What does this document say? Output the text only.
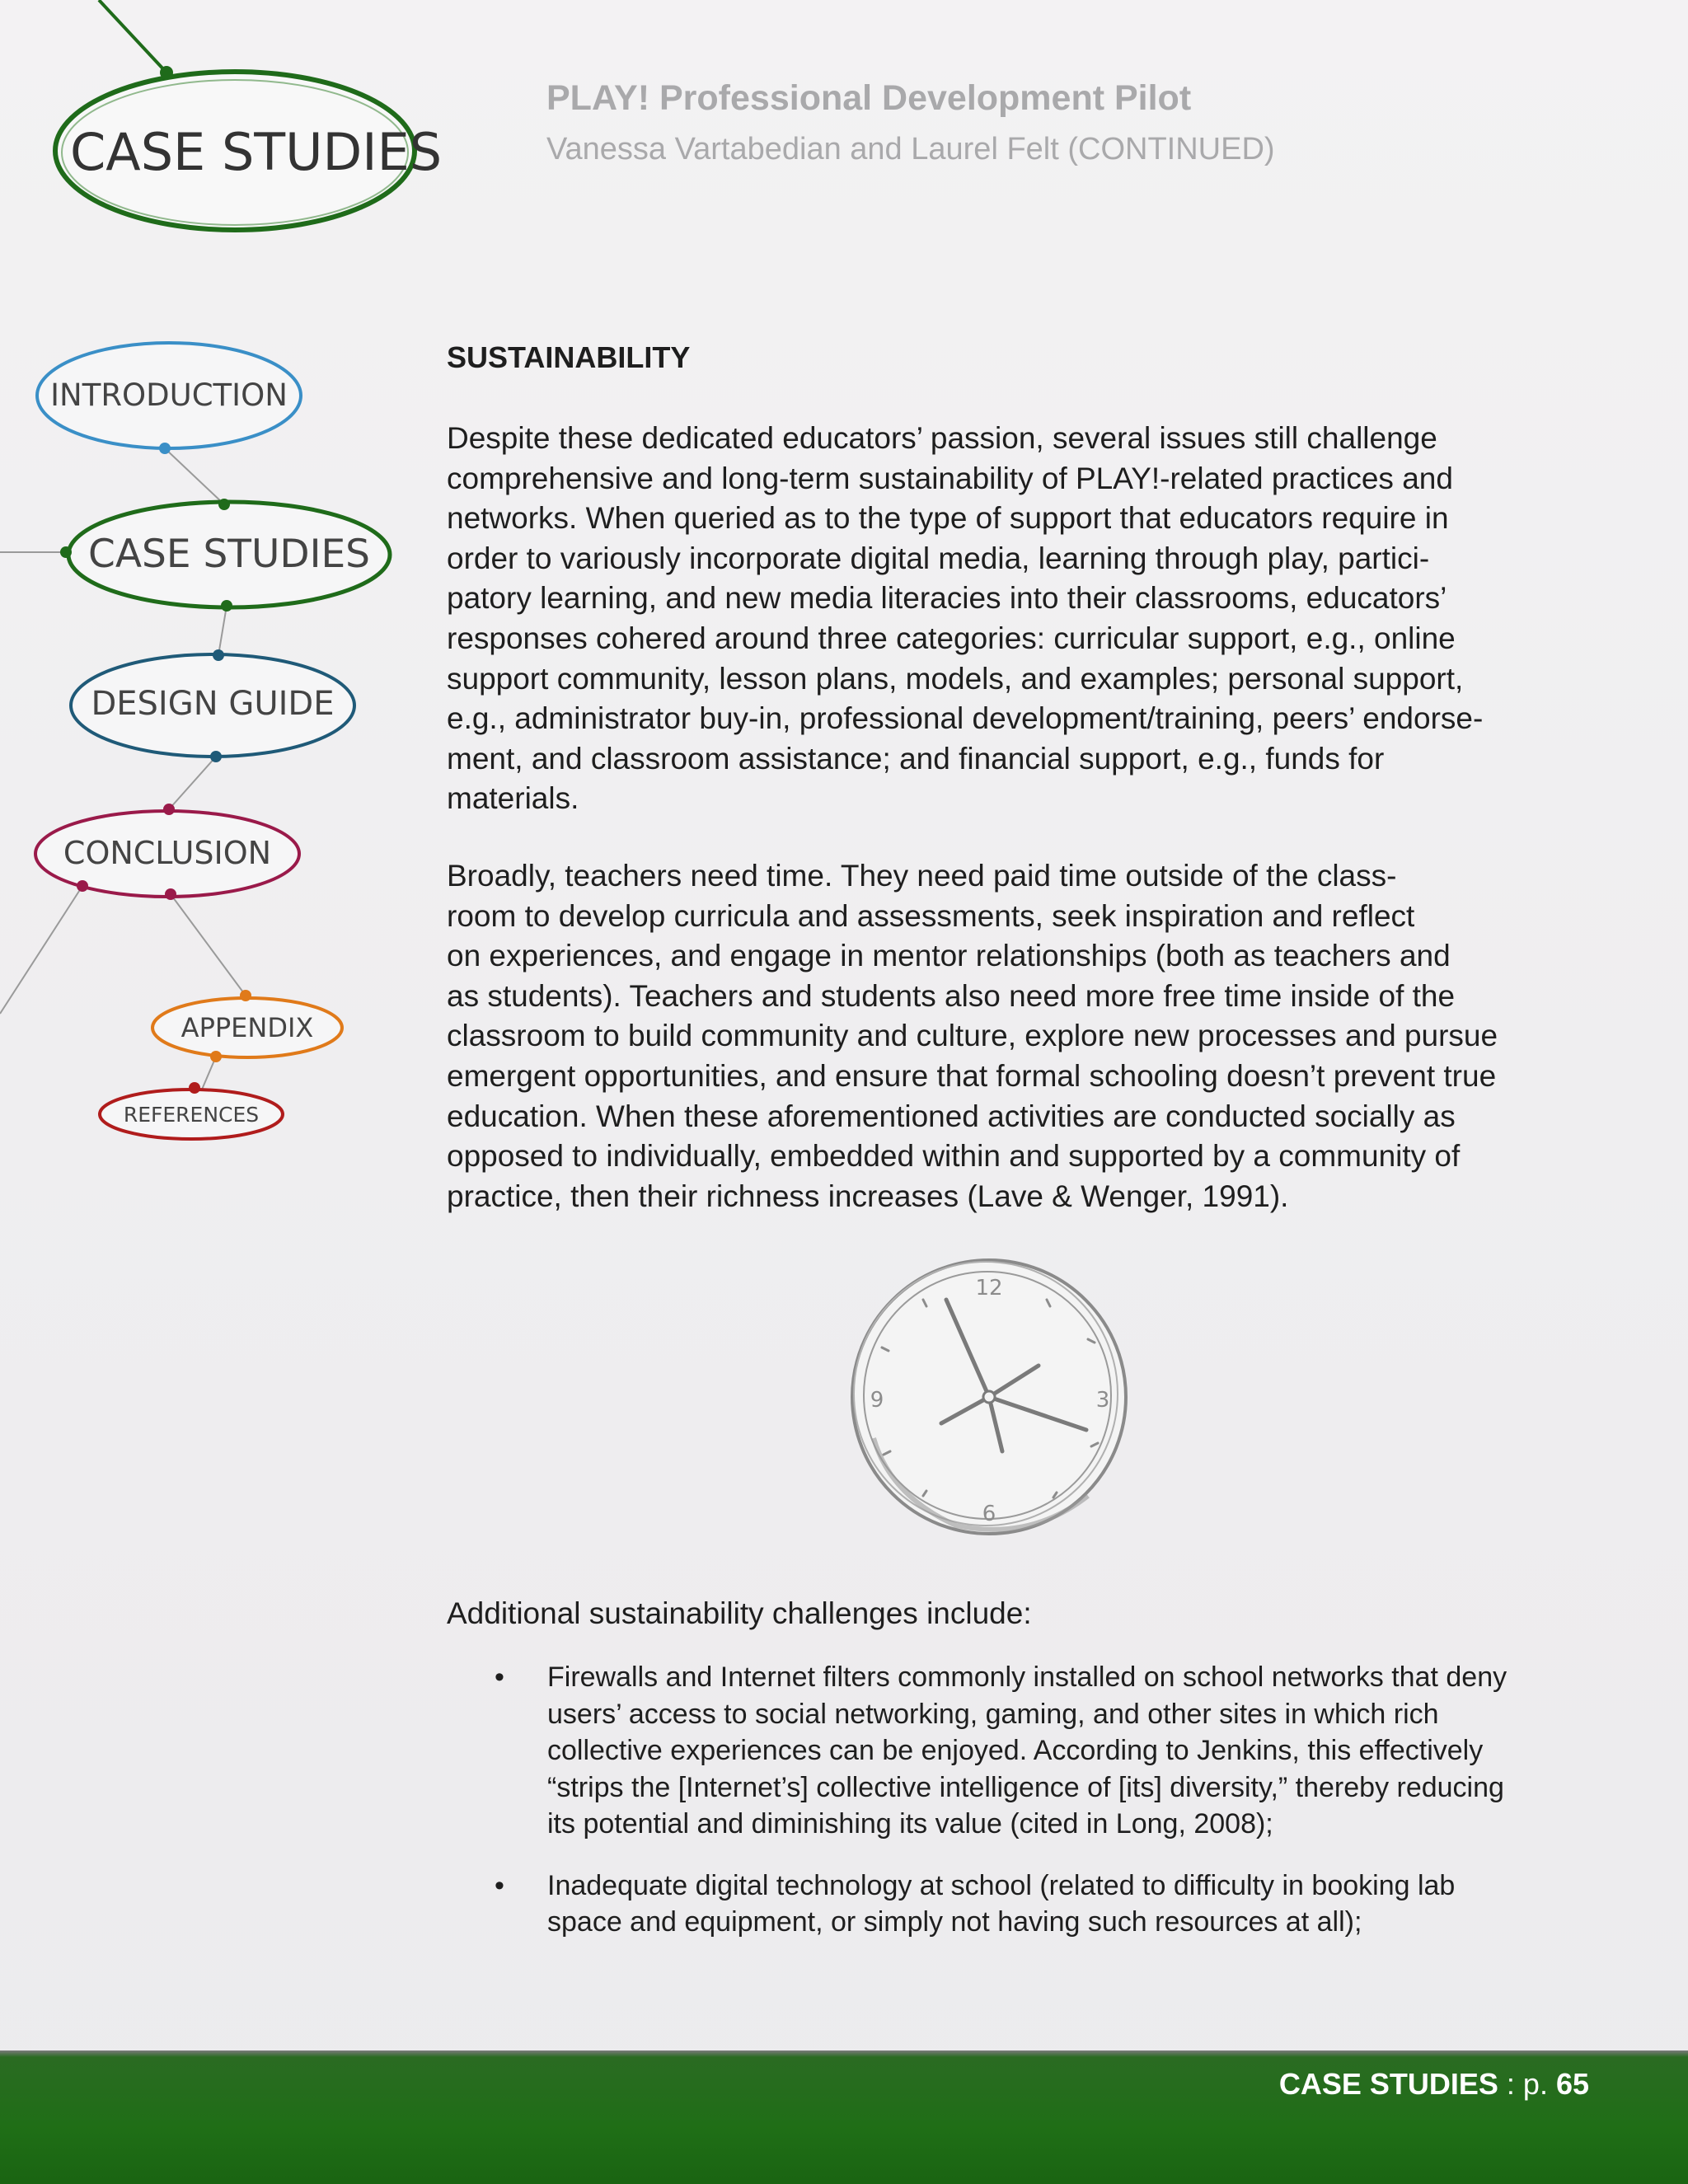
CASE STUDIES
INTRODUCTION
CASE STUDIES
DESIGN GUIDE
CONCLUSION
APPENDIX
REFERENCES
PLAY! Professional Development Pilot
Vanessa Vartabedian and Laurel Felt (CONTINUED)
SUSTAINABILITY
Despite these dedicated educators’ passion, several issues still challenge
comprehensive and long-term sustainability of PLAY!-related practices and
networks. When queried as to the type of support that educators require in
order to variously incorporate digital media, learning through play, partici-
patory learning, and new media literacies into their classrooms, educators’
responses cohered around three categories: curricular support, e.g., online
support community, lesson plans, models, and examples; personal support,
e.g., administrator buy-in, professional development/training, peers’ endorse-
ment, and classroom assistance; and financial support, e.g., funds for
materials.
Broadly, teachers need time. They need paid time outside of the class-
room to develop curricula and assessments, seek inspiration and reflect
on experiences, and engage in mentor relationships (both as teachers and
as students). Teachers and students also need more free time inside of the
classroom to build community and culture, explore new processes and pursue
emergent opportunities, and ensure that formal schooling doesn’t prevent true
education. When these aforementioned activities are conducted socially as
opposed to individually, embedded within and supported by a community of
practice, then their richness increases (Lave & Wenger, 1991).
12
3
6
9
Additional sustainability challenges include:
• Firewalls and Internet filters commonly installed on school networks that deny
users’ access to social networking, gaming, and other sites in which rich
collective experiences can be enjoyed. According to Jenkins, this effectively
“strips the [Internet’s] collective intelligence of [its] diversity,” thereby reducing
its potential and diminishing its value (cited in Long, 2008);
• Inadequate digital technology at school (related to difficulty in booking lab
space and equipment, or simply not having such resources at all);
CASE STUDIES : p. 65
